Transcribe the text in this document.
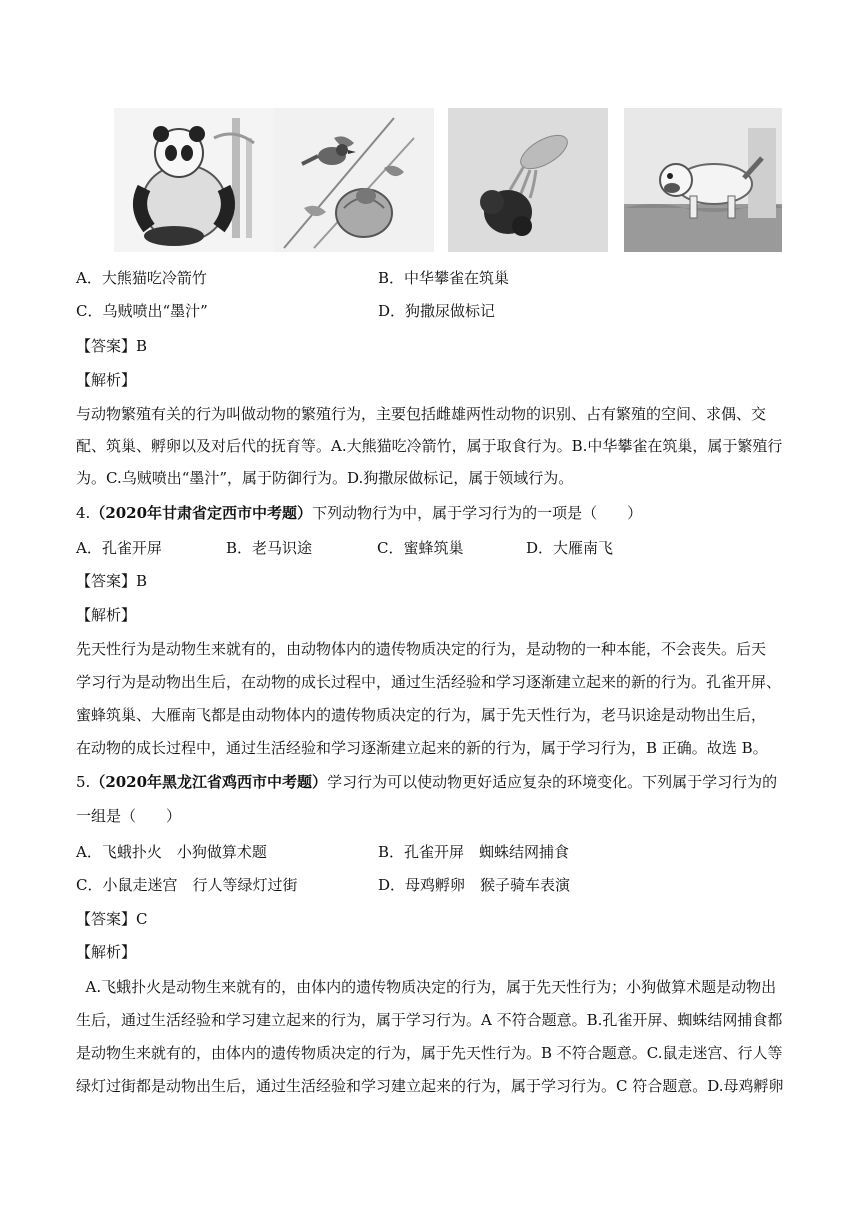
A．大熊猫吃冷箭竹	B．中华攀雀在筑巢
C．乌贼喷出“墨汁”	D．狗撒尿做标记
【答案】B
【解析】
与动物繁殖有关的行为叫做动物的繁殖行为，主要包括雌雄两性动物的识别、占有繁殖的空间、求偶、交
配、筑巢、孵卵以及对后代的抚育等。A.大熊猫吃冷箭竹，属于取食行为。B.中华攀雀在筑巢，属于繁殖行
为。C.乌贼喷出“墨汁”，属于防御行为。D.狗撒尿做标记，属于领域行为。
4.（2020年甘肃省定西市中考题）下列动物行为中，属于学习行为的一项是（　　）
A．孔雀开屏	B．老马识途	C．蜜蜂筑巢	D．大雁南飞
【答案】B
【解析】
先天性行为是动物生来就有的，由动物体内的遗传物质决定的行为，是动物的一种本能，不会丧失。后天
学习行为是动物出生后，在动物的成长过程中，通过生活经验和学习逐渐建立起来的新的行为。孔雀开屏、
蜜蜂筑巢、大雁南飞都是由动物体内的遗传物质决定的行为，属于先天性行为，老马识途是动物出生后，
在动物的成长过程中，通过生活经验和学习逐渐建立起来的新的行为，属于学习行为，B 正确。故选 B。
5.（2020年黑龙江省鸡西市中考题）学习行为可以使动物更好适应复杂的环境变化。下列属于学习行为的
一组是（　　）
A．飞蛾扑火　小狗做算术题	B．孔雀开屏　蜘蛛结网捕食
C．小鼠走迷宫　行人等绿灯过街	D．母鸡孵卵　猴子骑车表演
【答案】C
【解析】
A.飞蛾扑火是动物生来就有的，由体内的遗传物质决定的行为，属于先天性行为；小狗做算术题是动物出
生后，通过生活经验和学习建立起来的行为，属于学习行为。A 不符合题意。B.孔雀开屏、蜘蛛结网捕食都
是动物生来就有的，由体内的遗传物质决定的行为，属于先天性行为。B 不符合题意。C.鼠走迷宫、行人等
绿灯过街都是动物出生后，通过生活经验和学习建立起来的行为，属于学习行为。C 符合题意。D.母鸡孵卵
